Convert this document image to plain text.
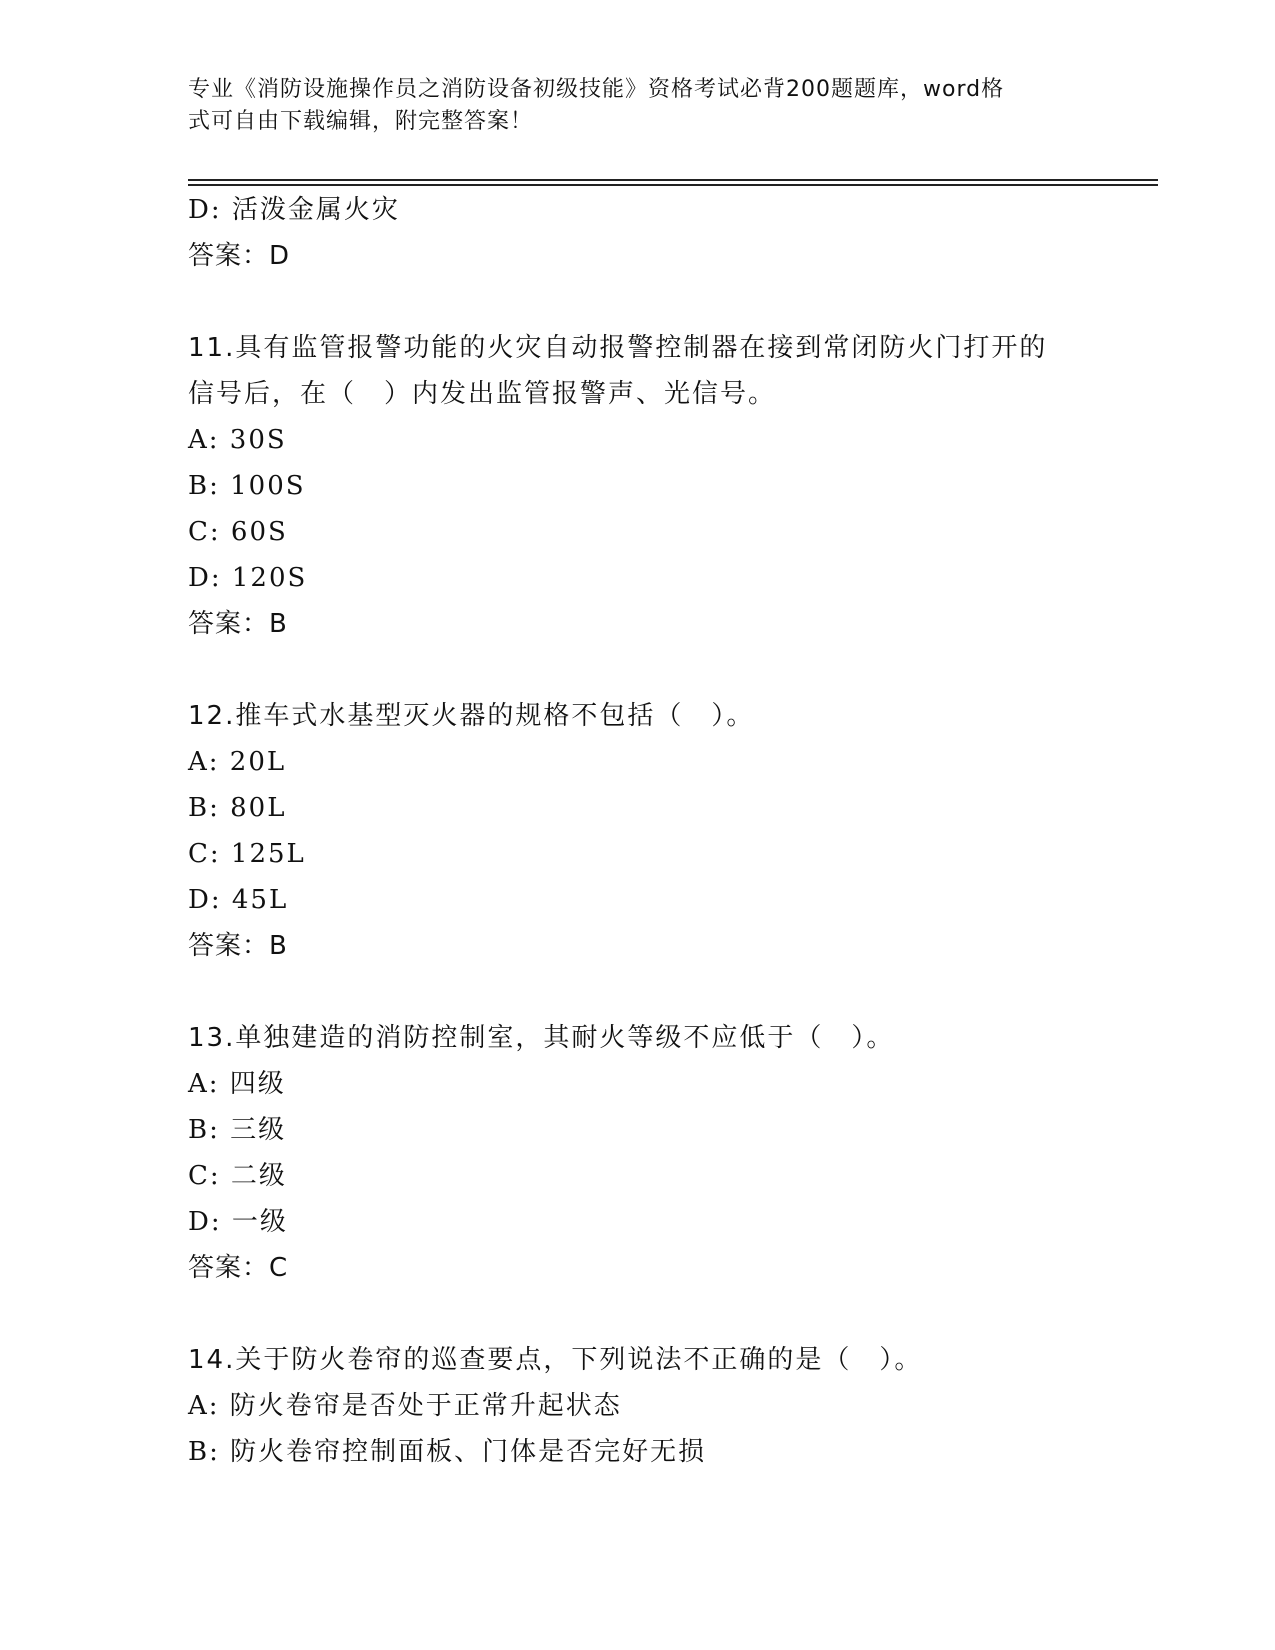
专业《消防设施操作员之消防设备初级技能》资格考试必背200题题库，word格
式可自由下载编辑，附完整答案！
D: 活泼金属火灾
答案：D
11.具有监管报警功能的火灾自动报警控制器在接到常闭防火门打开的
信号后，在（　）内发出监管报警声、光信号。
A: 30S
B: 100S
C: 60S
D: 120S
答案：B
12.推车式水基型灭火器的规格不包括（　）。
A: 20L
B: 80L
C: 125L
D: 45L
答案：B
13.单独建造的消防控制室，其耐火等级不应低于（　）。
A: 四级
B: 三级
C: 二级
D: 一级
答案：C
14.关于防火卷帘的巡查要点，下列说法不正确的是（　）。
A: 防火卷帘是否处于正常升起状态
B: 防火卷帘控制面板、门体是否完好无损
